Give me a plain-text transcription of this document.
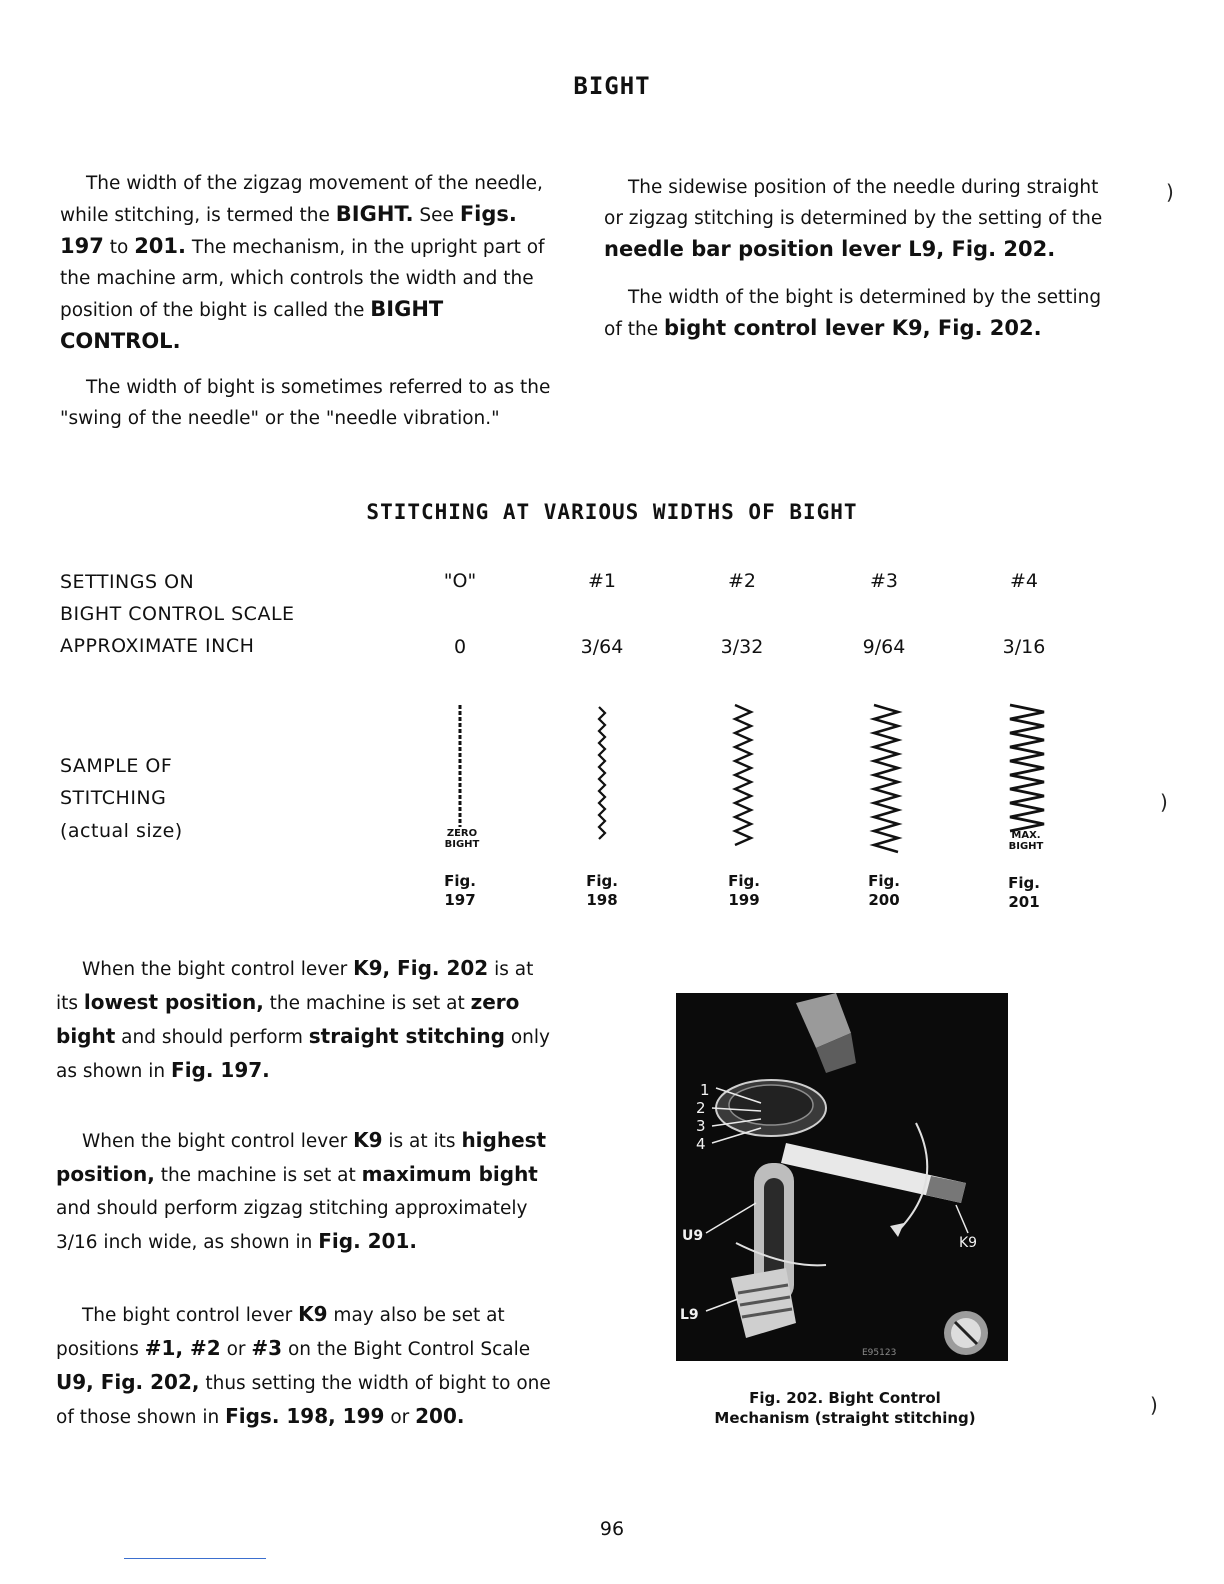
BIGHT

The width of the zigzag movement of the needle, while stitching, is termed the BIGHT. See Figs. 197 to 201. The mechanism, in the upright part of the machine arm, which controls the width and the position of the bight is called the BIGHT CONTROL.

The width of bight is sometimes referred to as the "swing of the needle" or the "needle vibration."

The sidewise position of the needle during straight or zigzag stitching is determined by the setting of the needle bar position lever L9, Fig. 202.

The width of the bight is determined by the setting of the bight control lever K9, Fig. 202.

STITCHING AT VARIOUS WIDTHS OF BIGHT
SETTINGS ON
BIGHT CONTROL SCALE
APPROXIMATE INCH
SAMPLE OF
STITCHING
(actual size)
"O"
0
ZERO
BIGHT
Fig.
197
#1
3/64
Fig.
198
#2
3/32
Fig.
199
#3
9/64
Fig.
200
#4
3/16
MAX.
BIGHT
Fig.
201

When the bight control lever K9, Fig. 202 is at its lowest position, the machine is set at zero bight and should perform straight stitching only as shown in Fig. 197.

When the bight control lever K9 is at its highest position, the machine is set at maximum bight and should perform zigzag stitching approximately 3/16 inch wide, as shown in Fig. 201.

The bight control lever K9 may also be set at positions #1, #2 or #3 on the Bight Control Scale U9, Fig. 202, thus setting the width of bight to one of those shown in Figs. 198, 199 or 200.

1
2
3
4
U9	K9
L9
E95123
Fig. 202. Bight Control
Mechanism (straight stitching)
)
)
)
96
